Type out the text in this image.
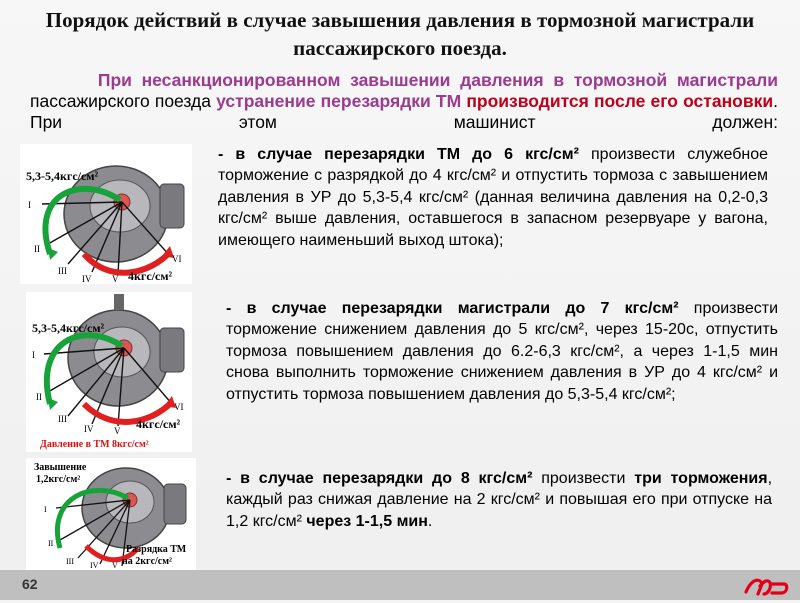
Порядок действий в случае завышения давления в тормозной магистрали пассажирского поезда.
При несанкционированном завышении давления в тормозной магистрали пассажирского поезда устранение перезарядки ТМ производится после его остановки. При этом машинист должен:
5,3-5,4кгс/см²
4кгс/см²
I
II
III
IV V
VI
5,3-5,4кгс/см²
4кгс/см²
Давление в ТМ 8кгс/см²
I
II
III
IV V
VI
Завышение
1,2кгс/см²
Разрядка ТМ
на 2кгс/см²
I
II
III IV V
- в случае перезарядки ТМ до 6 кгс/см² произвести служебное торможение с разрядкой до 4 кгс/см² и отпустить тормоза с завышением давления в УР до 5,3-5,4 кгс/см² (данная величина давления на 0,2-0,3 кгс/см² выше давления, оставшегося в запасном резервуаре у вагона, имеющего наименьший выход штока);
- в случае перезарядки магистрали до 7 кгс/см² произвести торможение снижением давления до 5 кгс/см², через 15-20с, отпустить тормоза повышением давления до 6.2-6,3 кгс/см², а через 1-1,5 мин снова выполнить торможение снижением давления в УР до 4 кгс/см² и отпустить тормоза повышением давления до 5,3-5,4 кгс/см²;
- в случае перезарядки до 8 кгс/см² произвести три торможения, каждый раз снижая давление на 2 кгс/см² и повышая его при отпуске на 1,2 кгс/см² через 1-1,5 мин.
62
